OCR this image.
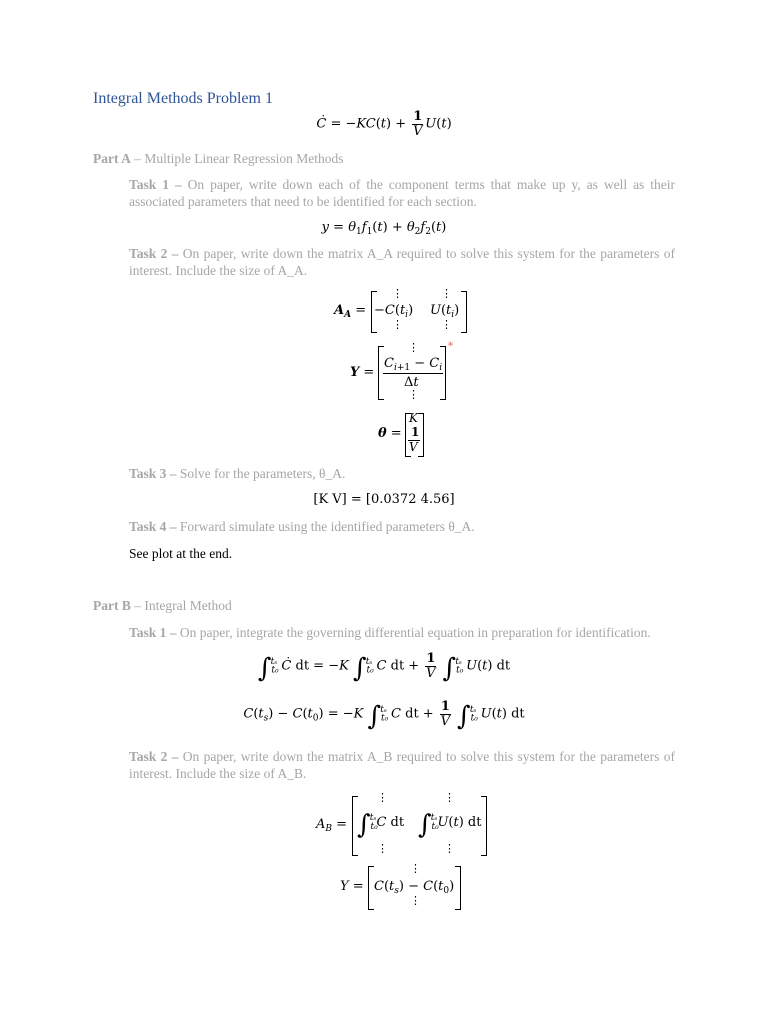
Integral Methods Problem 1
Ċ = $-KC(t) + \frac{1}{V} U(t)$
Part A – Multiple Linear Regression Methods
Task 1 – On paper, write down each of the component terms that make up y, as well as their associated parameters that need to be identified for each section.
$y = \theta_1f_1(t) + \theta_2f_2(t)$
Task 2 – On paper, write down the matrix A_A required to solve this system for the parameters of interest. Include the size of A_A.
$A_A$ =
⋮	⋮
$-C(t_i)$ $U(t_i)$
⋮	⋮
Y =
⋮
$C_{i+1} - C_i$
Δt
⋮
*
θ =
K
1
V
Task 3 – Solve for the parameters, θ_A.
[K V] = [0.0372 4.56]
Task 4 – Forward simulate using the identified parameters θ_A.
See plot at the end.
Part B – Integral Method
Task 1 – On paper, integrate the governing differential equation in preparation for identification.
$\int_{t_0}^{t_s}$ Ċ dt = −K $\int_{t_0}^{t_s}$ C dt + $\frac{1}{V} \int_{t_0}^{t_s}$ U(t) dt
$C(t_s) - C(t_0) = -K$ $\int_{t_0}^{t_s}$ C dt + $\frac{1}{V} \int_{t_0}^{t_s}$ U(t) dt
Task 2 – On paper, write down the matrix A_B required to solve this system for the parameters of interest. Include the size of A_B.
$A_B$ =
⋮	⋮
$\int_{t_0}^{t_s}C$ dt $\int_{t_0}^{t_s}U(t)$ dt
⋮	⋮
Y =
⋮
$C(t_s) - C(t_0)$
⋮
